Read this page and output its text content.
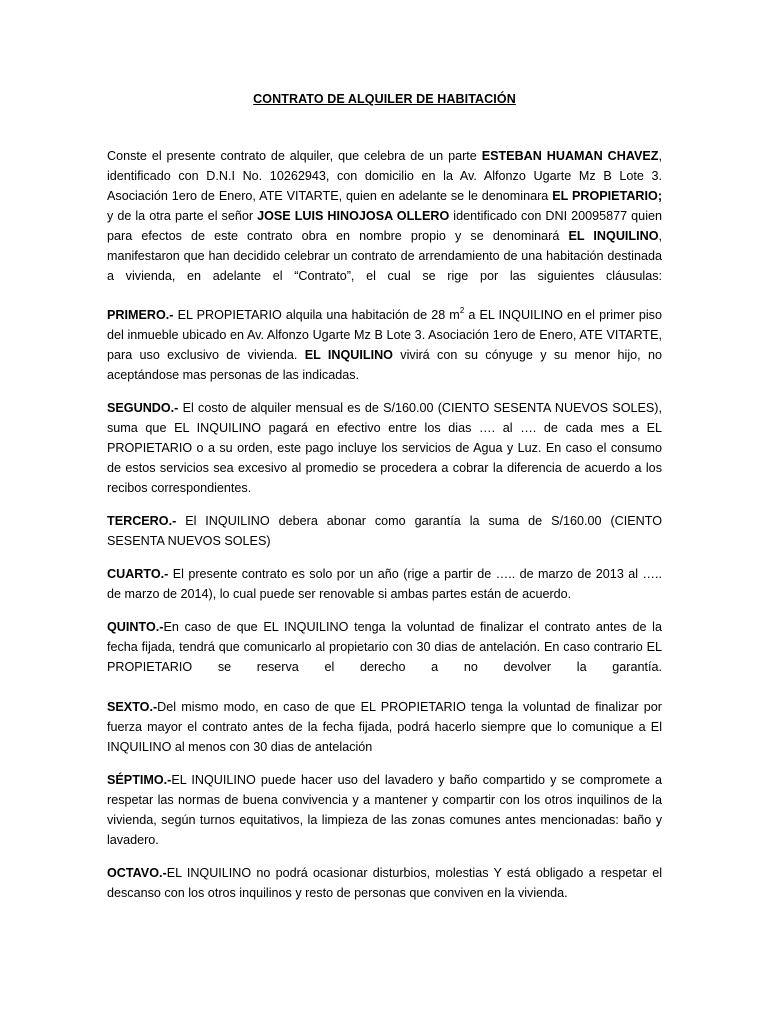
CONTRATO DE ALQUILER DE HABITACIÓN

Conste el presente contrato de alquiler, que celebra de un parte ESTEBAN HUAMAN CHAVEZ, identificado con D.N.I No. 10262943, con domicilio en la Av. Alfonzo Ugarte Mz B Lote 3. Asociación 1ero de Enero, ATE VITARTE, quien en adelante se le denominara EL PROPIETARIO; y de la otra parte el señor JOSE LUIS HINOJOSA OLLERO identificado con DNI 20095877 quien para efectos de este contrato obra en nombre propio y se denominará EL INQUILINO, manifestaron que han decidido celebrar un contrato de arrendamiento de una habitación destinada a vivienda, en adelante el “Contrato”, el cual se rige por las siguientes cláusulas:

PRIMERO.- EL PROPIETARIO alquila una habitación de 28 $m^2$ a EL INQUILINO en el primer piso del inmueble ubicado en Av. Alfonzo Ugarte Mz B Lote 3. Asociación 1ero de Enero, ATE VITARTE, para uso exclusivo de vivienda. EL INQUILINO vivirá con su cónyuge y su menor hijo, no aceptándose mas personas de las indicadas.

SEGUNDO.- El costo de alquiler mensual es de S/160.00 (CIENTO SESENTA NUEVOS SOLES), suma que EL INQUILINO pagará en efectivo entre los dias …. al …. de cada mes a EL PROPIETARIO o a su orden, este pago incluye los servicios de Agua y Luz. En caso el consumo de estos servicios sea excesivo al promedio se procedera a cobrar la diferencia de acuerdo a los recibos correspondientes.

TERCERO.- El INQUILINO debera abonar como garantía la suma de S/160.00 (CIENTO SESENTA NUEVOS SOLES)

CUARTO.- El presente contrato es solo por un año (rige a partir de ….. de marzo de 2013 al ….. de marzo de 2014), lo cual puede ser renovable si ambas partes están de acuerdo.

QUINTO.-En caso de que EL INQUILINO tenga la voluntad de finalizar el contrato antes de la fecha fijada, tendrá que comunicarlo al propietario con 30 dias de antelación. En caso contrario EL PROPIETARIO se reserva el derecho a no devolver la garantía.

SEXTO.-Del mismo modo, en caso de que EL PROPIETARIO tenga la voluntad de finalizar por fuerza mayor el contrato antes de la fecha fijada, podrá hacerlo siempre que lo comunique a El INQUILINO al menos con 30 dias de antelación

SÉPTIMO.-EL INQUILINO puede hacer uso del lavadero y baño compartido y se compromete a respetar las normas de buena convivencia y a mantener y compartir con los otros inquilinos de la vivienda, según turnos equitativos, la limpieza de las zonas comunes antes mencionadas: baño y lavadero.

OCTAVO.-EL INQUILINO no podrá ocasionar disturbios, molestias Y está obligado a respetar el descanso con los otros inquilinos y resto de personas que conviven en la vivienda.
